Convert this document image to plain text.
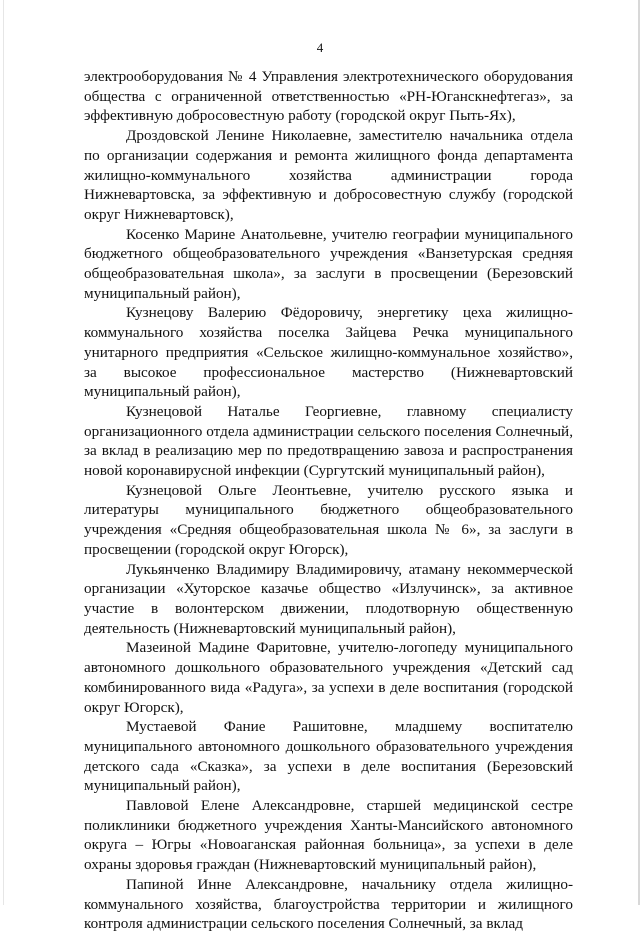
4

электрооборудования № 4 Управления электротехнического оборудования общества с ограниченной ответственностью «РН-Юганскнефтегаз», за эффективную добросовестную работу (городской округ Пыть-Ях),

Дроздовской Ленине Николаевне, заместителю начальника отдела по организации содержания и ремонта жилищного фонда департамента жилищно-коммунального хозяйства администрации города Нижневартовска, за эффективную и добросовестную службу (городской округ Нижневартовск),

Косенко Марине Анатольевне, учителю географии муниципального бюджетного общеобразовательного учреждения «Ванзетурская средняя общеобразовательная школа», за заслуги в просвещении (Березовский муниципальный район),

Кузнецову Валерию Фёдоровичу, энергетику цеха жилищно-коммунального хозяйства поселка Зайцева Речка муниципального унитарного предприятия «Сельское жилищно-коммунальное хозяйство», за высокое профессиональное мастерство (Нижневартовский муниципальный район),

Кузнецовой Наталье Георгиевне, главному специалисту организационного отдела администрации сельского поселения Солнечный, за вклад в реализацию мер по предотвращению завоза и распространения новой коронавирусной инфекции (Сургутский муниципальный район),

Кузнецовой Ольге Леонтьевне, учителю русского языка и литературы муниципального бюджетного общеобразовательного учреждения «Средняя общеобразовательная школа № 6», за заслуги в просвещении (городской округ Югорск),

Лукьянченко Владимиру Владимировичу, атаману некоммерческой организации «Хуторское казачье общество «Излучинск», за активное участие в волонтерском движении, плодотворную общественную деятельность (Нижневартовский муниципальный район),

Мазеиной Мадине Фаритовне, учителю-логопеду муниципального автономного дошкольного образовательного учреждения «Детский сад комбинированного вида «Радуга», за успехи в деле воспитания (городской округ Югорск),

Мустаевой Фание Рашитовне, младшему воспитателю муниципального автономного дошкольного образовательного учреждения детского сада «Сказка», за успехи в деле воспитания (Березовский муниципальный район),

Павловой Елене Александровне, старшей медицинской сестре поликлиники бюджетного учреждения Ханты-Мансийского автономного округа – Югры «Новоаганская районная больница», за успехи в деле охраны здоровья граждан (Нижневартовский муниципальный район),

Папиной Инне Александровне, начальнику отдела жилищно-коммунального хозяйства, благоустройства территории и жилищного контроля администрации сельского поселения Солнечный, за вклад
